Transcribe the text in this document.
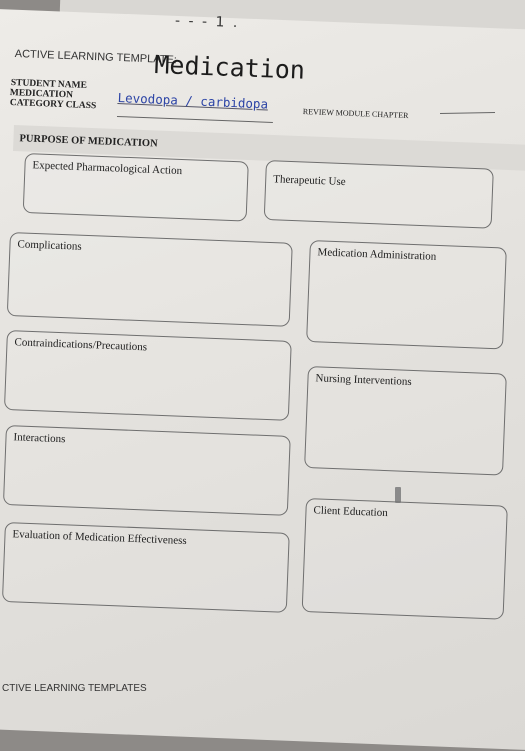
- - - 1 .
ACTIVE LEARNING TEMPLATE:
Medication
STUDENT NAME
MEDICATION
CATEGORY CLASS Levodopa / carbidopa
REVIEW MODULE CHAPTER
PURPOSE OF MEDICATION
Expected Pharmacological Action
Complications
Contraindications/Precautions
Interactions
Evaluation of Medication Effectiveness
Therapeutic Use
Medication Administration
Nursing Interventions
Client Education
CTIVE LEARNING TEMPLATES
